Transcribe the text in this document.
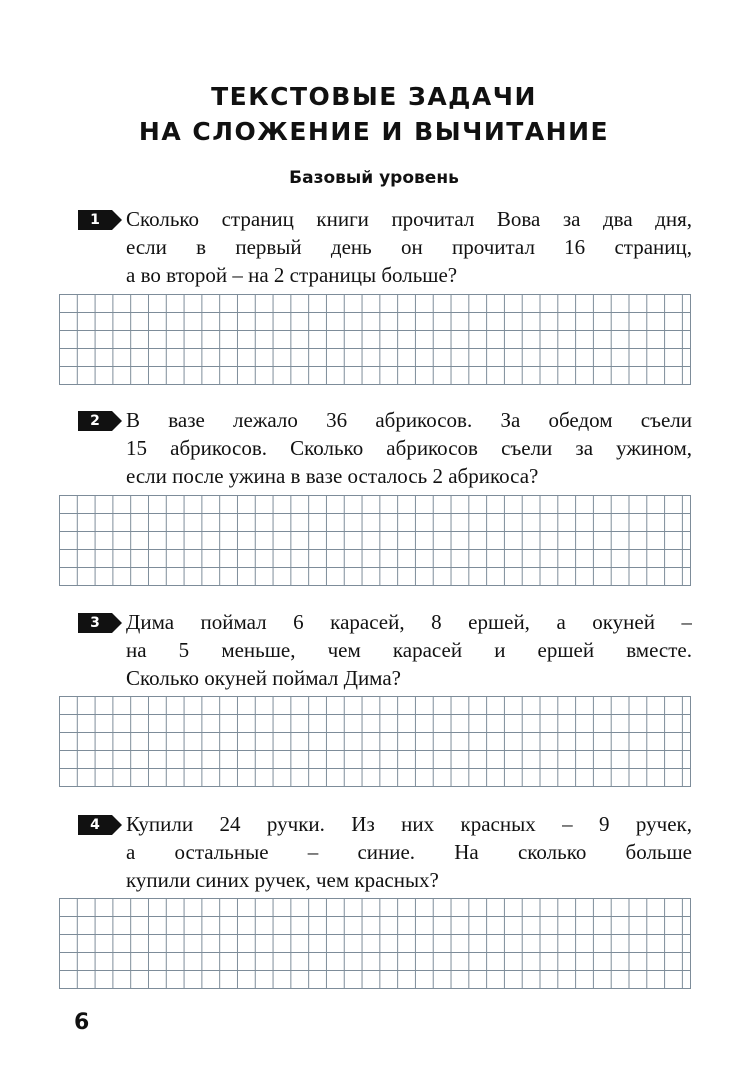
ТЕКСТОВЫЕ ЗАДАЧИ
НА СЛОЖЕНИЕ И ВЫЧИТАНИЕ
Базовый уровень
1	Сколько страниц книги прочитал Вова за два дня,
если в первый день он прочитал 16 страниц,
а во второй – на 2 страницы больше?
2	В вазе лежало 36 абрикосов. За обедом съели
15 абрикосов. Сколько абрикосов съели за ужином,
если после ужина в вазе осталось 2 абрикоса?
3	Дима поймал 6 карасей, 8 ершей, а окуней –
на 5 меньше, чем карасей и ершей вместе.
Сколько окуней поймал Дима?
4	Купили 24 ручки. Из них красных – 9 ручек,
а остальные – синие. На сколько больше
купили синих ручек, чем красных?
6
